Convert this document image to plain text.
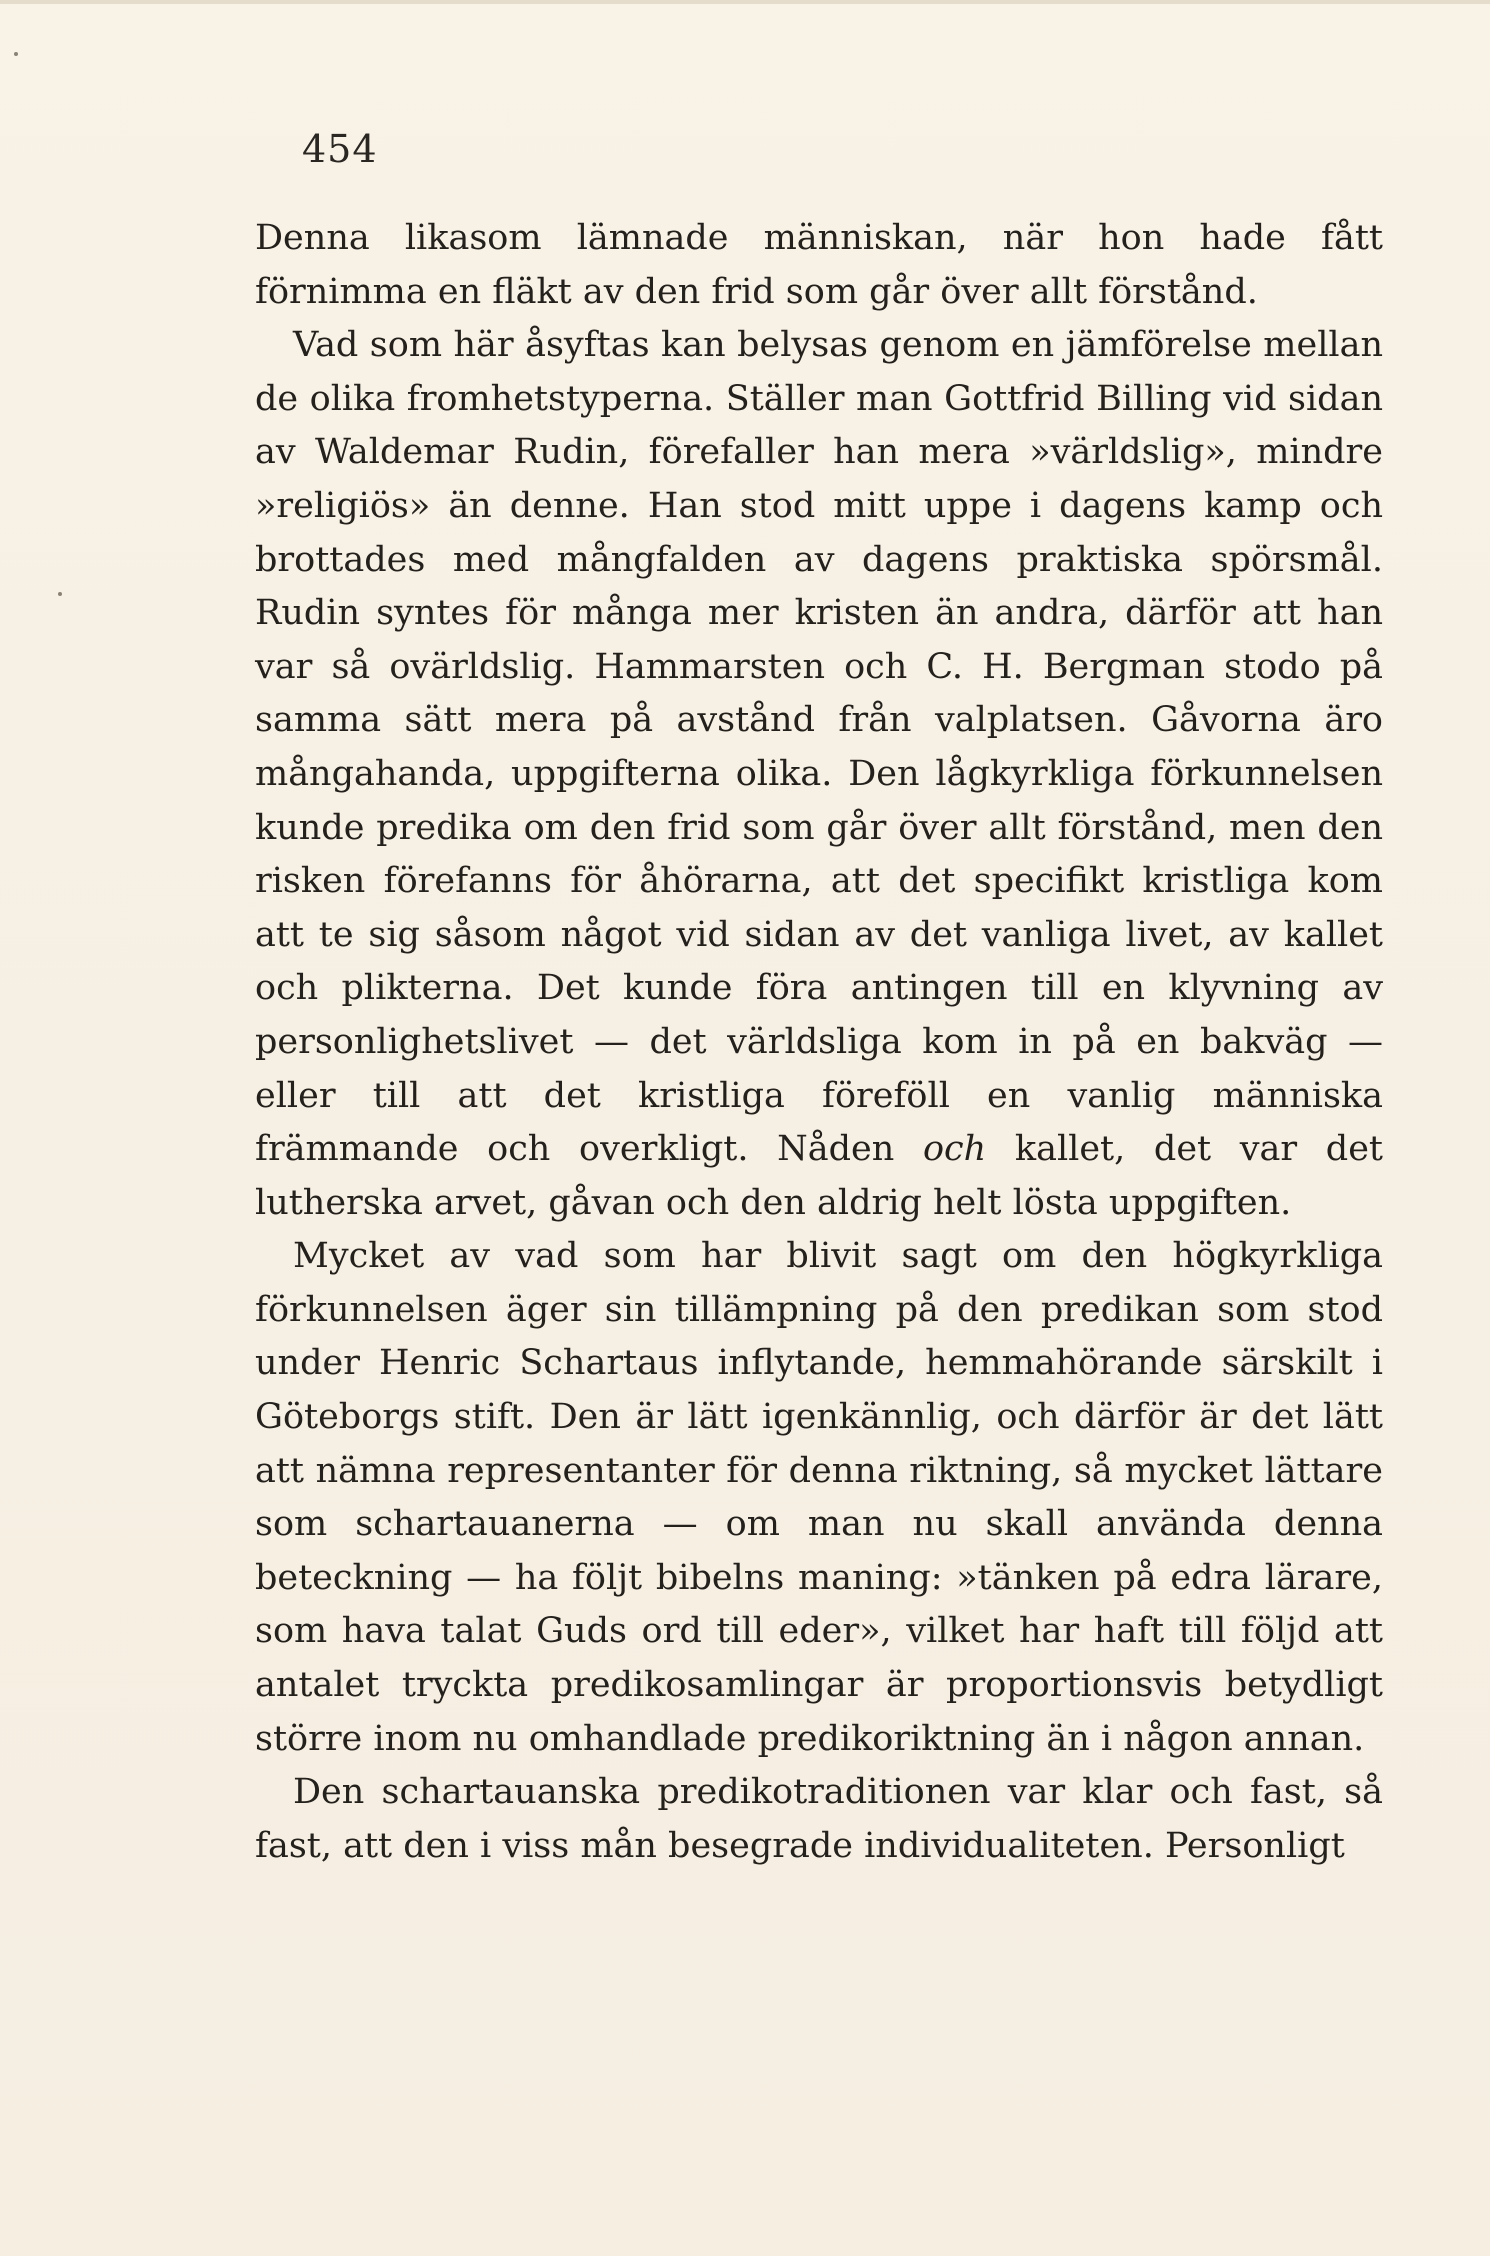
454

Denna likasom lämnade människan, när hon hade fått förnimma en fläkt av den frid som går över allt förstånd.

Vad som här åsyftas kan belysas genom en jämförelse mellan de olika fromhetstyperna. Ställer man Gottfrid Billing vid sidan av Waldemar Rudin, förefaller han mera »världslig», mindre »religiös» än denne. Han stod mitt uppe i dagens kamp och brottades med mångfalden av dagens praktiska spörsmål. Rudin syntes för många mer kristen än andra, därför att han var så ovärldslig. Hammarsten och C. H. Bergman stodo på samma sätt mera på avstånd från valplatsen. Gåvorna äro mångahanda, uppgifterna olika. Den lågkyrkliga förkunnelsen kunde predika om den frid som går över allt förstånd, men den risken förefanns för åhörarna, att det specifikt kristliga kom att te sig såsom något vid sidan av det vanliga livet, av kallet och plikterna. Det kunde föra antingen till en klyvning av personlighetslivet — det världsliga kom in på en bakväg — eller till att det kristliga föreföll en vanlig människa främmande och overkligt. Nåden och kallet, det var det lutherska arvet, gåvan och den aldrig helt lösta uppgiften.

Mycket av vad som har blivit sagt om den högkyrkliga förkunnelsen äger sin tillämpning på den predikan som stod under Henric Schartaus inflytande, hemmahörande särskilt i Göteborgs stift. Den är lätt igenkännlig, och därför är det lätt att nämna representanter för denna riktning, så mycket lättare som schartauanerna — om man nu skall använda denna beteckning — ha följt bibelns maning: »tänken på edra lärare, som hava talat Guds ord till eder», vilket har haft till följd att antalet tryckta predikosamlingar är proportionsvis betydligt större inom nu omhandlade predikoriktning än i någon annan.

Den schartauanska predikotraditionen var klar och fast, så fast, att den i viss mån besegrade individualiteten. Personligt
